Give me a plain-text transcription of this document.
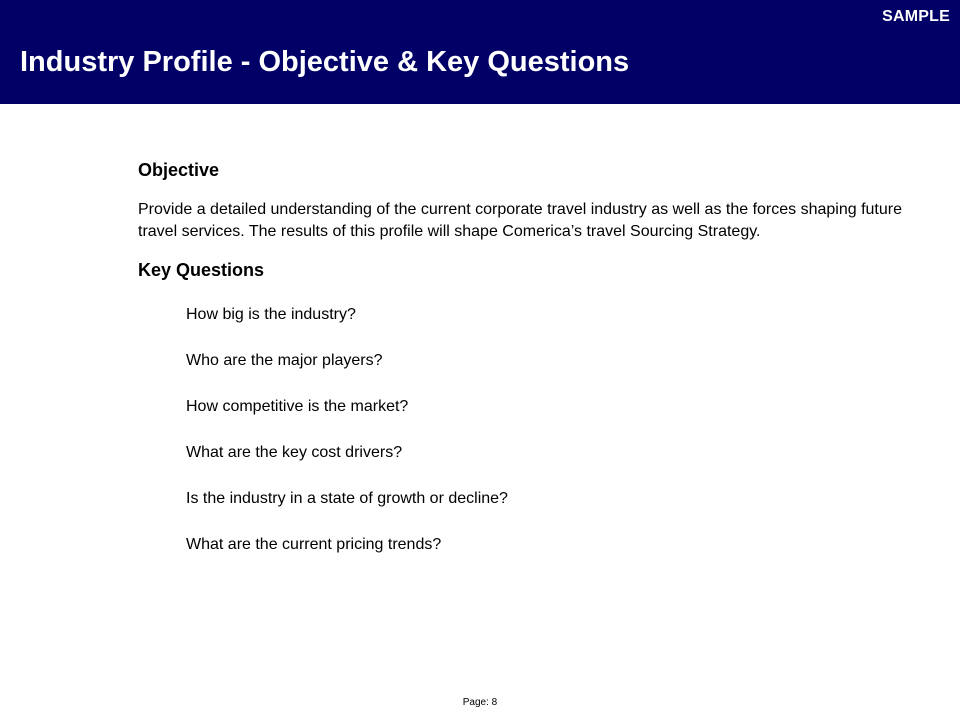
SAMPLE
Industry Profile - Objective & Key Questions
Objective

Provide a detailed understanding of the current corporate travel industry as well as the forces shaping future travel services. The results of this profile will shape Comerica’s travel Sourcing Strategy.

Key Questions
How big is the industry?
Who are the major players?
How competitive is the market?
What are the key cost drivers?
Is the industry in a state of growth or decline?
What are the current pricing trends?
Page: 8
